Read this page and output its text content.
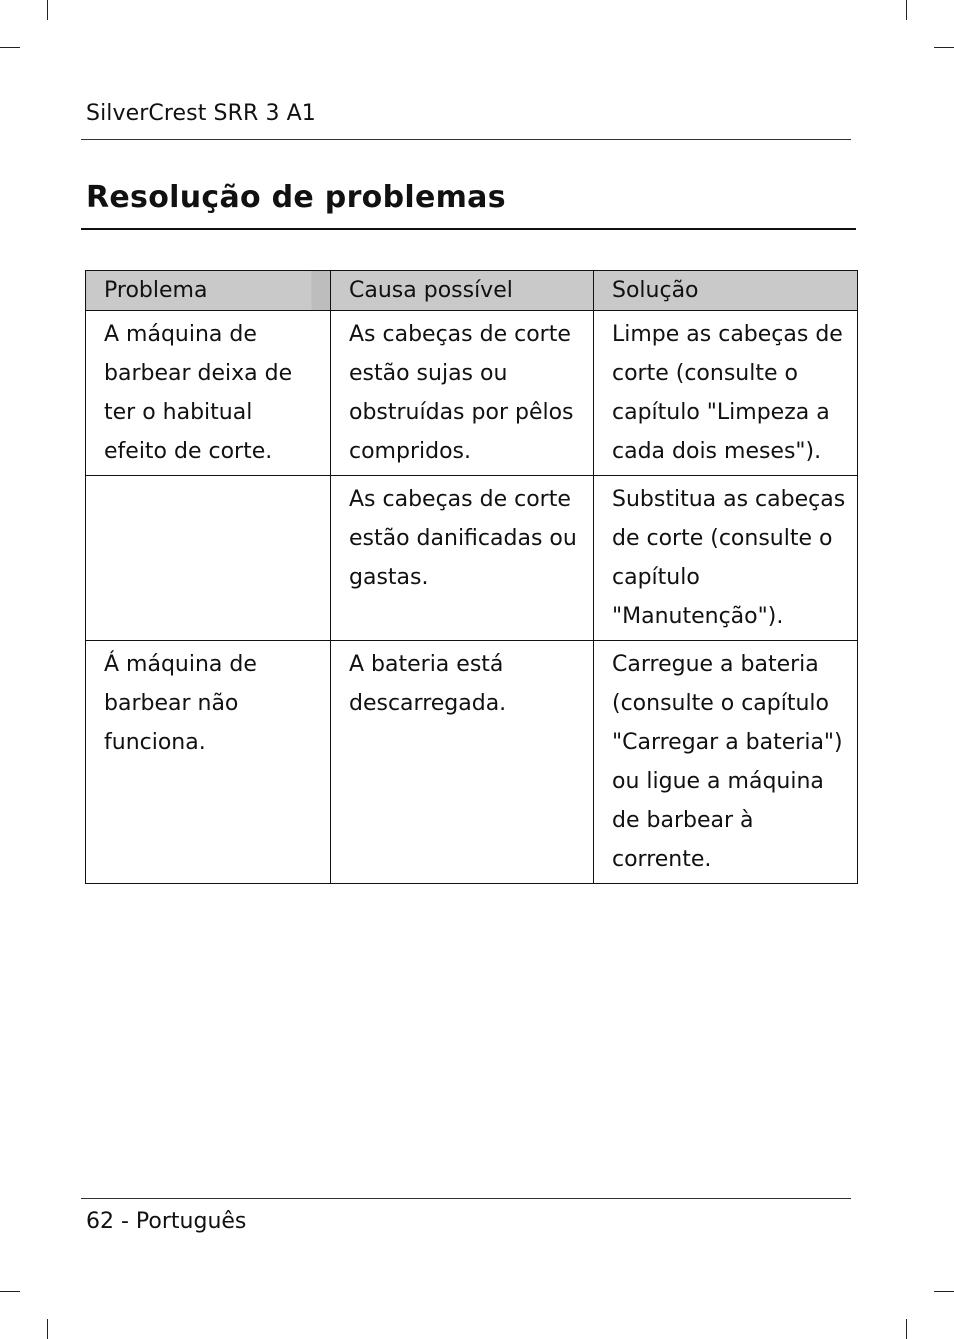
SilverCrest SRR 3 A1
Resolução de problemas
Problema	Causa possível	Solução
A máquina de barbear deixa de ter o habitual efeito de corte.	As cabeças de corte estão sujas ou obstruídas por pêlos compridos.	Limpe as cabeças de corte (consulte o capítulo "Limpeza a cada dois meses").
	As cabeças de corte estão danificadas ou gastas.	Substitua as cabeças de corte (consulte o capítulo "Manutenção").
Á máquina de barbear não funciona.	A bateria está descarregada.	Carregue a bateria (consulte o capítulo "Carregar a bateria") ou ligue a máquina de barbear à corrente.
62 - Português
